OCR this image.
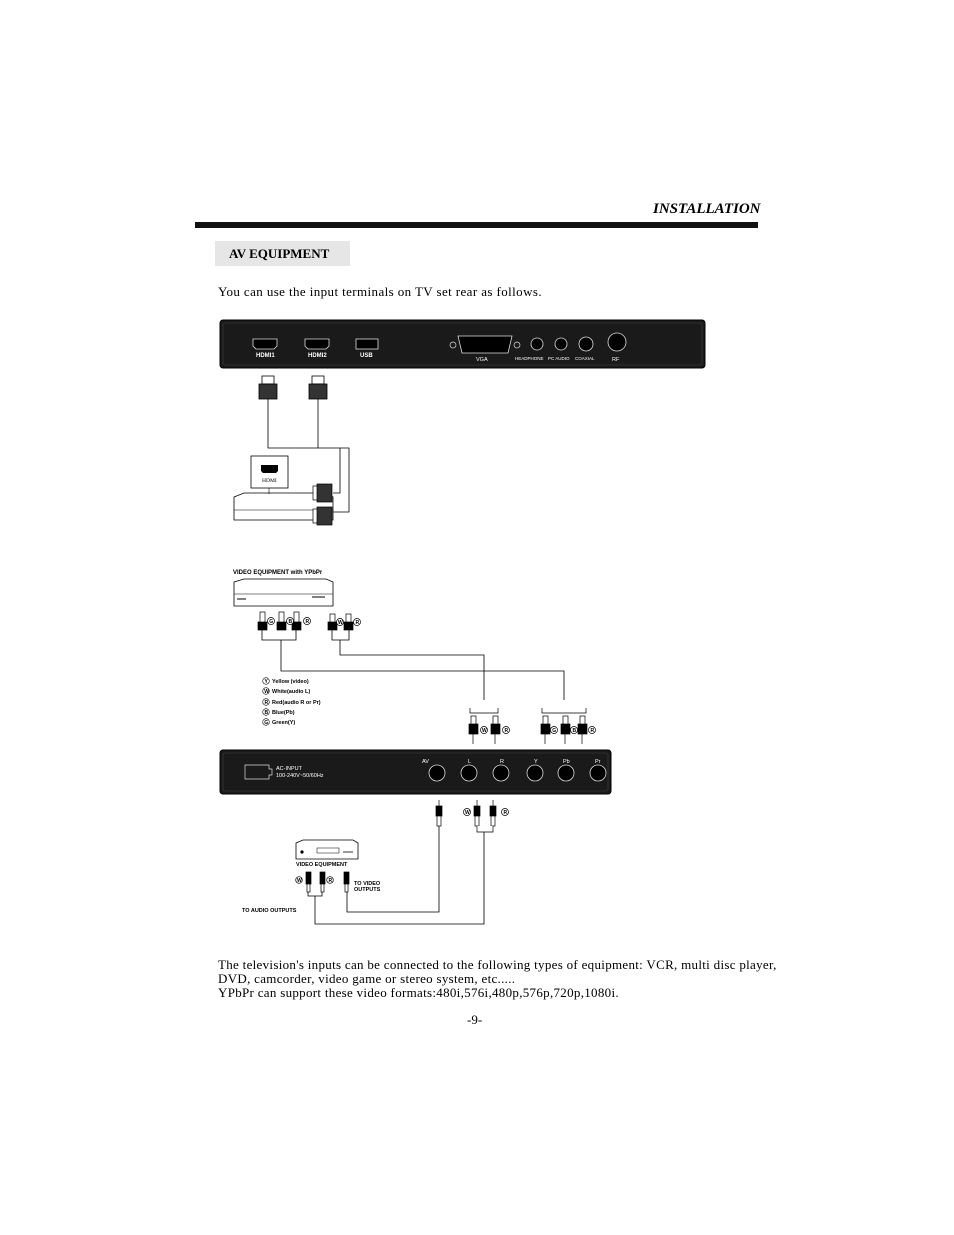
INSTALLATION
AV EQUIPMENT
You can use the input terminals on TV set rear as follows.
HDMI1	HDMI2	USB
VGA	HEADPHONE PC AUDIO COAXIAL	RF
HDMI
VIDEO EQUIPMENT with YPbPr
G	B	R	W	R
W	R	G	B	R
Y
W
R
B
G
Yellow (video)
White(audio L)
Red(audio R or Pr)
Blue(Pb)
Green(Y)
AC-INPUT
100-240V~50/60Hz
AV	L	R	Y	Pb	Pr
W	R
VIDEO EQUIPMENT
W	R
TO VIDEO
OUTPUTS
TO AUDIO OUTPUTS
The television's inputs can be connected to the following types of equipment: VCR, multi disc player,
DVD, camcorder, video game or stereo system, etc.....
YPbPr can support these video formats:480i,576i,480p,576p,720p,1080i.
-9-
